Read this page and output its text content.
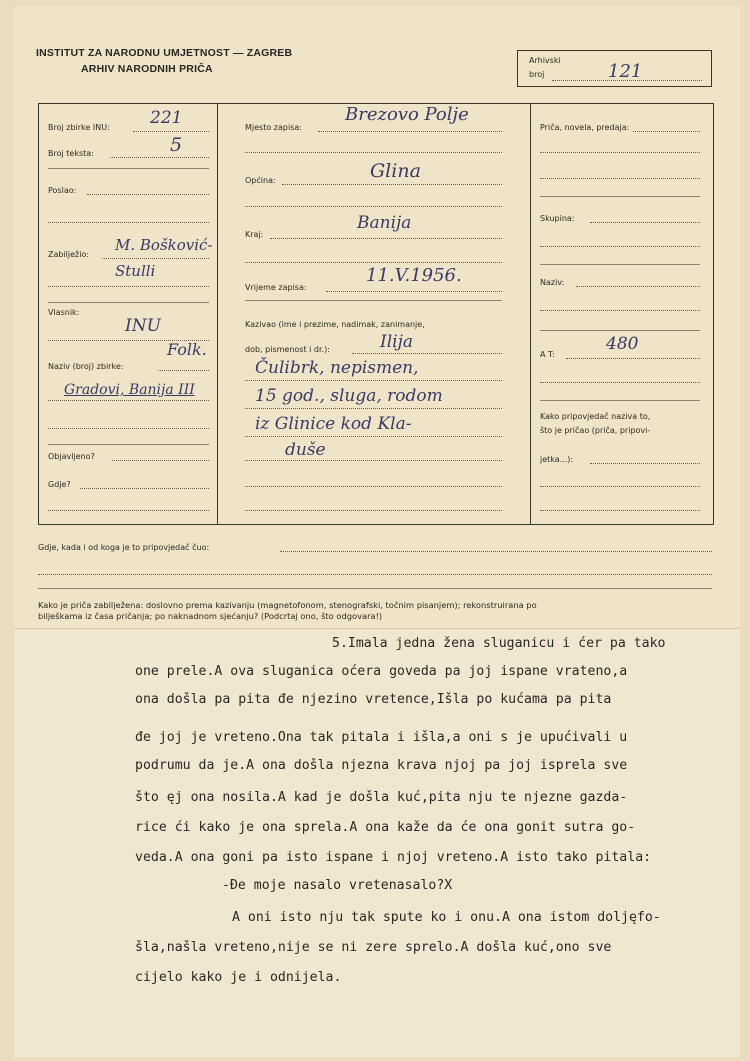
INSTITUT ZA NARODNU UMJETNOST — ZAGREB
ARHIV NARODNIH PRIČA
Arhivski
broj	121
Broj zbirke INU: 221
Broj teksta:	5
Poslao:
Zabilježio:
M. Bošković-
Stulli
Vlasnik:
INU
Naziv (broj) zbirke:
Folk.
Gradovi, Banija III
Objavljeno?
Gdje?
Mjesto zapisa:
Brezovo Polje
Općina:	Glina
Kraj:
Banija
Vrijeme zapisa:
11.V.1956.
Kazivao (ime i prezime, nadimak, zanimanje,
dob, pismenost i dr.):	Ilija
Čulibrk, nepismen,
15 god., sluga, rodom
iz Glinice kod Kla-
duše
Priča, novela, predaja:
Skupina:
Naziv:
A T:
480
Kako pripovjedač naziva to,
što je pričao (priča, pripovi-
jetka...):
Gdje, kada i od koga je to pripovjedač čuo:
Kako je priča zabilježena: doslovno prema kazivanju (magnetofonom, stenografski, točnim pisanjem); rekonstruirana po
bilješkama iz časa pričanja; po naknadnom sjećanju? (Podcrtaj ono, što odgovara!)
5.Imala jedna žena sluganicu i ćer pa tako
one prele.A ova sluganica oćera goveda pa joj ispane vrateno,a
ona došla pa pita đe njezino vretence,Išla po kućama pa pita
đe joj je vreteno.Ona tak pitala i išla,a oni s je upućivali u
podrumu da je.A ona došla njezna krava njoj pa joj isprela sve
što ęj ona nosila.A kad je došla kuć,pita nju te njezne gazda-
rice ći kako je ona sprela.A ona kaže da će ona gonit sutra go-
veda.A ona goni pa isto ispane i njoj vreteno.A isto tako pitala:
-Đe moje nasalo vretenasalo?X
A oni isto nju tak spute ko i onu.A ona istom doljęfo-
šla,našla vreteno,nije se ni zere sprelo.A došla kuć,ono sve
cijelo kako je i odnijela.
